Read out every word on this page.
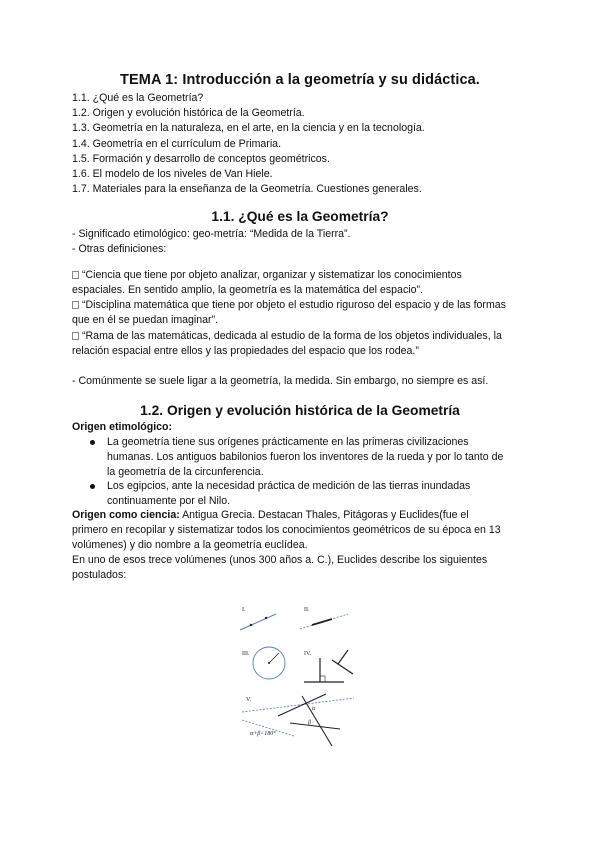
TEMA 1: Introducción a la geometría y su didáctica.
1.1. ¿Qué es la Geometría?
1.2. Origen y evolución histórica de la Geometría.
1.3. Geometría en la naturaleza, en el arte, en la ciencia y en la tecnología.
1.4. Geometría en el currículum de Primaria.
1.5. Formación y desarrollo de conceptos geométricos.
1.6. El modelo de los niveles de Van Hiele.
1.7. Materiales para la enseñanza de la Geometría. Cuestiones generales.
1.1. ¿Qué es la Geometría?
- Significado etimológico: geo-metría: “Medida de la Tierra”.
- Otras definiciones:
“Ciencia que tiene por objeto analizar, organizar y sistematizar los conocimientos
espaciales. En sentido amplio, la geometría es la matemática del espacio”.
“Disciplina matemática que tiene por objeto el estudio riguroso del espacio y de las formas
que en él se puedan imaginar”.
“Rama de las matemáticas, dedicada al estudio de la forma de los objetos individuales, la
relación espacial entre ellos y las propiedades del espacio que los rodea.”
- Comúnmente se suele ligar a la geometría, la medida. Sin embargo, no siempre es así.
1.2. Origen y evolución histórica de la Geometría
Origen etimológico:
La geometría tiene sus orígenes prácticamente en las primeras civilizaciones
humanas. Los antiguos babilonios fueron los inventores de la rueda y por lo tanto de
la geometría de la circunferencia.
Los egipcios, ante la necesidad práctica de medición de las tierras inundadas
continuamente por el Nilo.
Origen como ciencia: Antigua Grecia. Destacan Thales, Pitágoras y Euclides(fue el
primero en recopilar y sistematizar todos los conocimientos geométricos de su época en 13
volúmenes) y dio nombre a la geometría euclídea.
En uno de esos trece volúmenes (unos 300 años a. C.), Euclides describe los siguientes
postulados:
I.	II.
III.	IV.
V.
α
β
α+β<180°
